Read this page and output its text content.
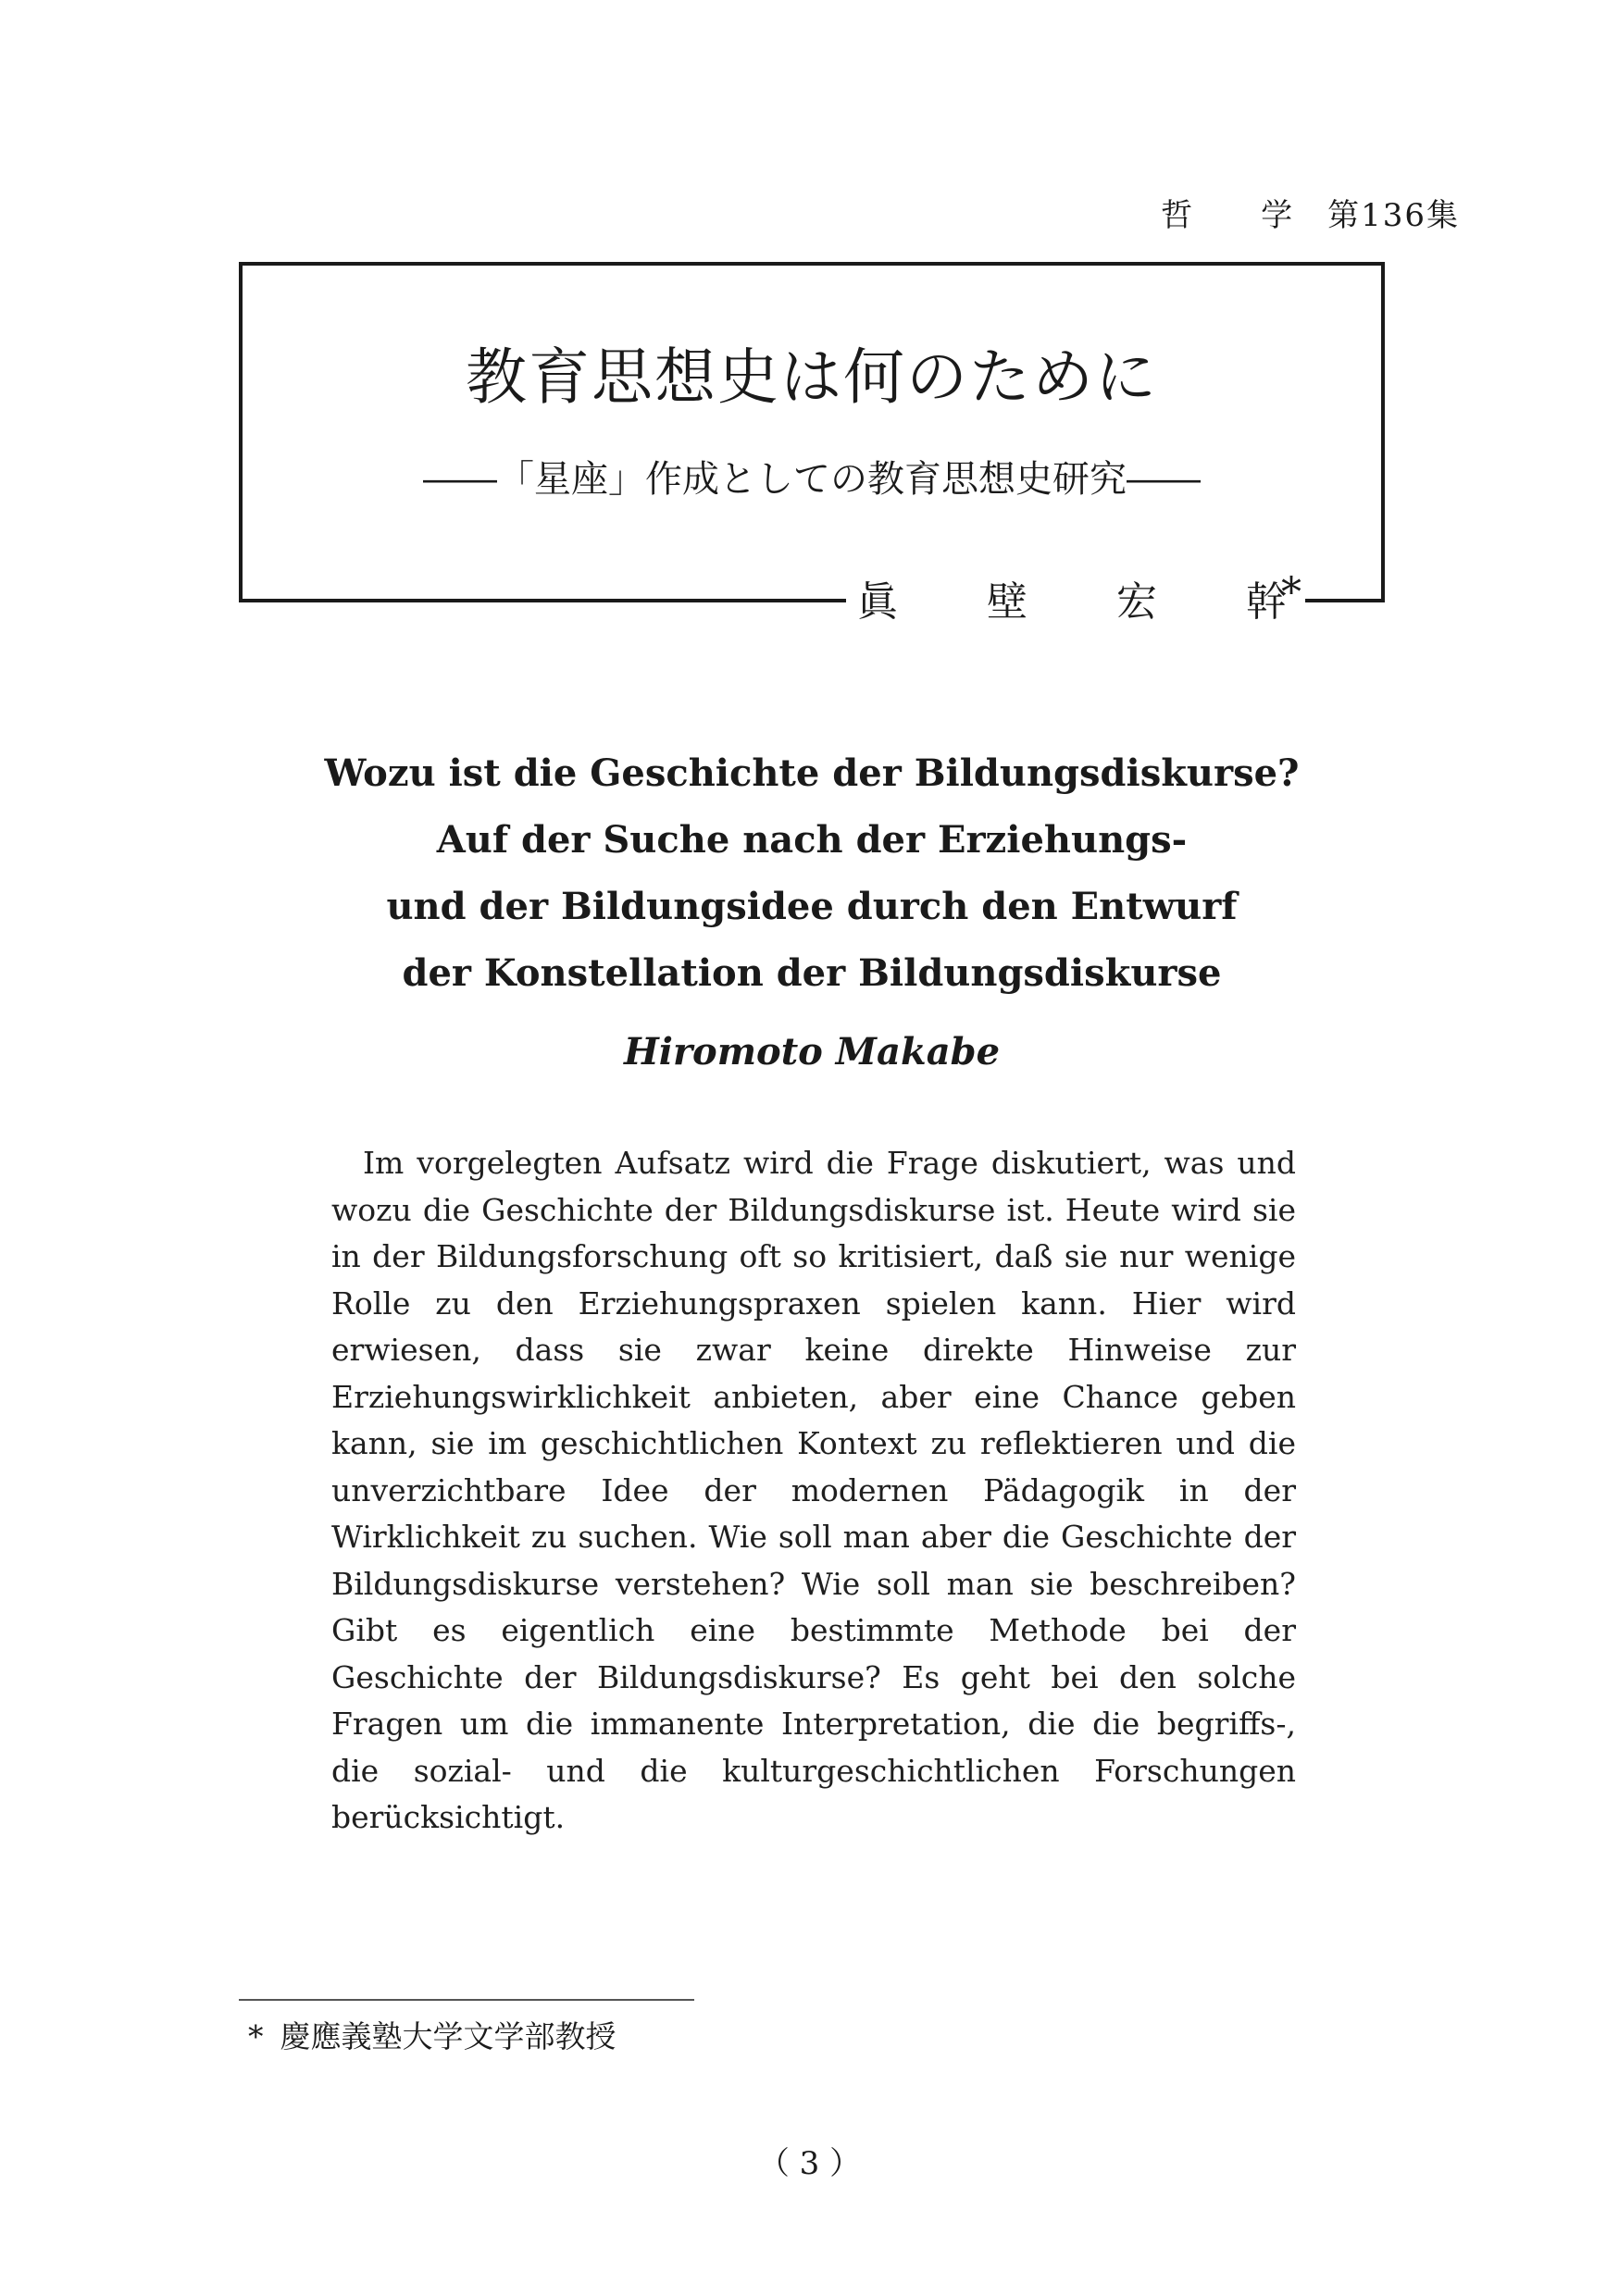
哲　　学　第136集
教育思想史は何のために
――「星座」作成としての教育思想史研究――
眞 壁 宏 幹
*
Wozu ist die Geschichte der Bildungsdiskurse?
Auf der Suche nach der Erziehungs-
und der Bildungsidee durch den Entwurf
der Konstellation der Bildungsdiskurse
Hiromoto Makabe

Im vorgelegten Aufsatz wird die Frage diskutiert, was und wozu die Geschichte der Bildungsdiskurse ist. Heute wird sie in der Bildungsforschung oft so kritisiert, daß sie nur wenige Rolle zu den Erziehungspraxen spielen kann. Hier wird erwiesen, dass sie zwar keine direkte Hinweise zur Erziehungswirklichkeit anbieten, aber eine Chance geben kann, sie im geschichtlichen Kontext zu reflektieren und die unverzichtbare Idee der modernen Pädagogik in der Wirklichkeit zu suchen. Wie soll man aber die Geschichte der Bildungsdiskurse verstehen? Wie soll man sie beschreiben? Gibt es eigentlich eine bestimmte Methode bei der Geschichte der Bildungsdiskurse? Es geht bei den solche Fragen um die immanente Interpretation, die die begriffs-, die sozial- und die kulturgeschichtlichen Forschungen berücksichtigt.

* 慶應義塾大学文学部教授
（ 3 ）
